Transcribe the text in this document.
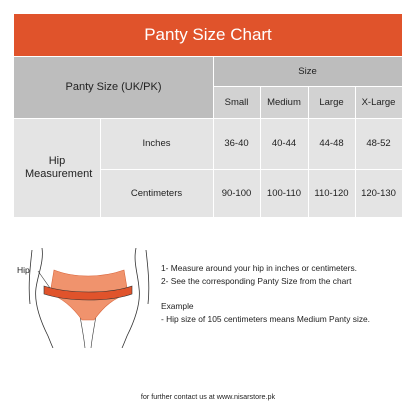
Panty Size Chart
Panty Size (UK/PK)
Size
Small Medium Large X-Large
Hip Measurement
Inches	36-40 40-44 44-48 48-52
Centimeters	90-100 100-110 110-120 120-130
Hip	1- Measure around your hip in inches or centimeters.
2- See the corresponding Panty Size from the chart
Example
- Hip size of 105 centimeters means Medium Panty size.
for further contact us at www.nisarstore.pk
